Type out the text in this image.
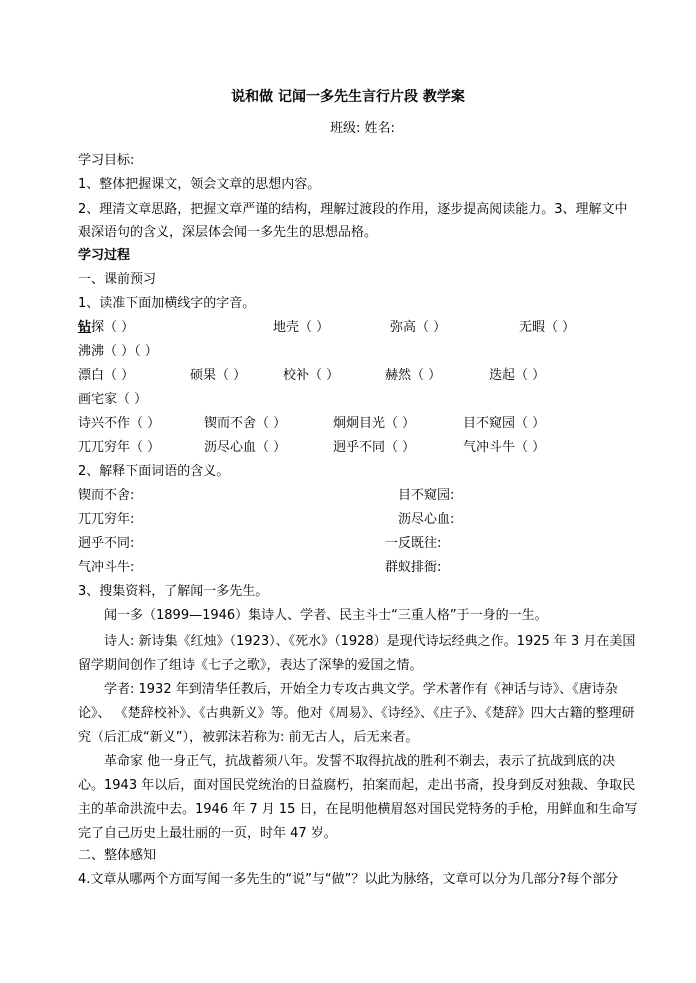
说和做 记闻一多先生言行片段 教学案
班级: 姓名:
学习目标:
1、整体把握课文，领会文章的思想内容。
2、理清文章思路，把握文章严谨的结构，理解过渡段的作用，逐步提高阅读能力。3、理解文中艰深语句的含义，深层体会闻一多先生的思想品格。
学习过程
一、课前预习
1、读准下面加横线字的字音。
钻探（ ）	地壳（ ）	弥高（ ）	无暇（ ）
沸沸（ ）（ ）
漂白（ ）	硕果（ ）	校补（ ）	赫然（ ）	迭起（ ）
画宅家（ ）
诗兴不作（ ）	锲而不舍（ ）	炯炯目光（ ）	目不窥园（ ）
兀兀穷年（ ）	沥尽心血（ ）	迥乎不同（ ）	气冲斗牛（ ）
2、解释下面词语的含义。
锲而不舍:	目不窥园:
兀兀穷年:	沥尽心血:
迥乎不同:	一反既往:
气冲斗牛:	群蚁排衙:
3、搜集资料，了解闻一多先生。
闻一多（1899—1946）集诗人、学者、民主斗士“三重人格”于一身的一生。
诗人: 新诗集《红烛》（1923）、《死水》（1928）是现代诗坛经典之作。1925 年 3 月在美国留学期间创作了组诗《七子之歌》，表达了深挚的爱国之情。
学者: 1932 年到清华任教后，开始全力专攻古典文学。学术著作有《神话与诗》、《唐诗杂论》、 《楚辞校补》、《古典新义》等。他对《周易》、《诗经》、《庄子》、《楚辞》四大古籍的整理研究（后汇成“新义”），被郭沫若称为: 前无古人，后无来者。
革命家 他一身正气，抗战蓄须八年。发誓不取得抗战的胜利不剃去，表示了抗战到底的决心。1943 年以后，面对国民党统治的日益腐朽，拍案而起，走出书斋，投身到反对独裁、争取民主的革命洪流中去。1946 年 7 月 15 日，在昆明他横眉怒对国民党特务的手枪，用鲜血和生命写完了自己历史上最壮丽的一页，时年 47 岁。
二、整体感知
4.文章从哪两个方面写闻一多先生的“说”与“做”？以此为脉络，文章可以分为几部分?每个部分
